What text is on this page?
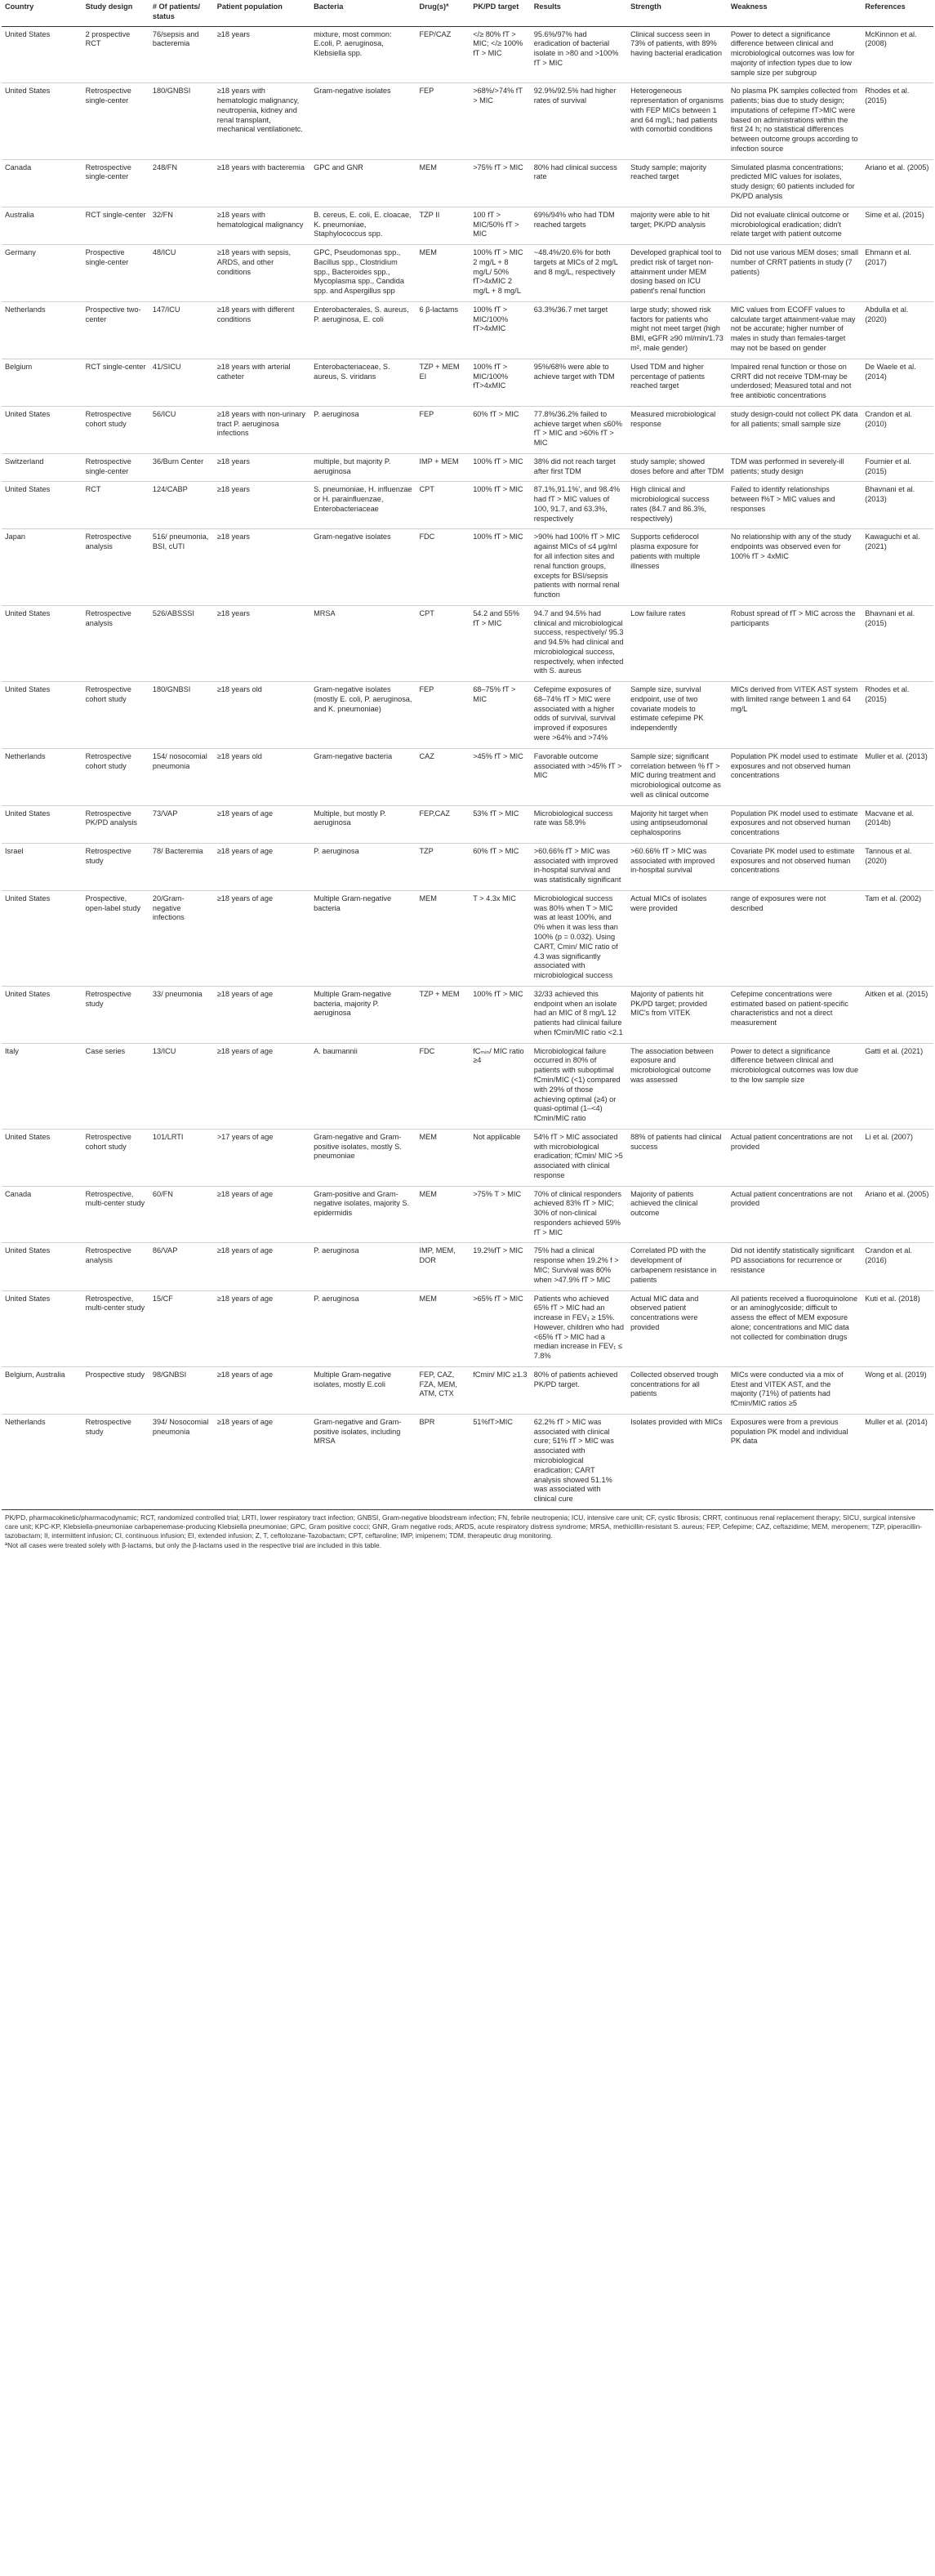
Country	Study design	# Of patients/ status	Patient population	Bacteria	Drug(s)ª	PK/PD target	Results	Strength	Weakness	References
United States	2 prospective RCT	76/sepsis and bacteremia	≥18 years	mixture, most common: E.coli, P. aeruginosa, Klebsiella spp.	FEP/CAZ	</≥ 80% fT > MIC; </≥ 100% fT > MIC	95.6%/97% had eradication of bacterial isolate in >80 and >100% fT > MIC	Clinical success seen in 73% of patients, with 89% having bacterial eradication	Power to detect a significance difference between clinical and microbiological outcomes was low for majority of infection types due to low sample size per subgroup	McKinnon et al. (2008)
United States	Retrospective single-center	180/GNBSI	≥18 years with hematologic malignancy, neutropenia, kidney and renal transplant, mechanical ventilationetc.	Gram-negative isolates	FEP	>68%/>74% fT > MIC	92.9%/92.5% had higher rates of survival	Heterogeneous representation of organisms with FEP MICs between 1 and 64 mg/L; had patients with comorbid conditions	No plasma PK samples collected from patients; bias due to study design; imputations of cefepime fT>MIC were based on administrations within the first 24 h; no statistical differences between outcome groups according to infection source	Rhodes et al. (2015)
Canada	Retrospective single-center	248/FN	≥18 years with bacteremia	GPC and GNR	MEM	>75% fT > MIC	80% had clinical success rate	Study sample; majority reached target	Simulated plasma concentrations; predicted MIC values for isolates, study design; 60 patients included for PK/PD analysis	Ariano et al. (2005)
Australia	RCT single-center	32/FN	≥18 years with hematological malignancy	B. cereus, E. coli, E. cloacae, K. pneumoniae, Staphylococcus spp.	TZP II	100 fT > MIC/50% fT > MIC	69%/94% who had TDM reached targets	majority were able to hit target; PK/PD analysis	Did not evaluate clinical outcome or microbiological eradication; didn't relate target with patient outcome	Sime et al. (2015)
Germany	Prospective single-center	48/ICU	≥18 years with sepsis, ARDS, and other conditions	GPC, Pseudomonas spp., Bacillus spp., Clostridium spp., Bacteroides spp., Mycoplasma spp., Candida spp. and Aspergillus spp	MEM	100% fT > MIC 2 mg/L + 8 mg/L/ 50% fT>4xMIC 2 mg/L + 8 mg/L	~48.4%/20.6% for both targets at MICs of 2 mg/L and 8 mg/L, respectively	Developed graphical tool to predict risk of target non-attainment under MEM dosing based on ICU patient's renal function	Did not use various MEM doses; small number of CRRT patients in study (7 patients)	Ehmann et al. (2017)
Netherlands	Prospective two-center	147/ICU	≥18 years with different conditions	Enterobacterales, S. aureus, P. aeruginosa, E. coli	6 β-lactams	100% fT > MIC/100% fT>4xMIC	63.3%/36.7 met target	large study; showed risk factors for patients who might not meet target (high BMI, eGFR ≥90 ml/min/1.73 m², male gender)	MIC values from ECOFF values to calculate target attainment-value may not be accurate; higher number of males in study than females-target may not be based on gender	Abdulla et al. (2020)
Belgium	RCT single-center	41/SICU	≥18 years with arterial catheter	Enterobacteriaceae, S. aureus, S. viridans	TZP + MEM EI	100% fT > MIC/100% fT>4xMIC	95%/68% were able to achieve target with TDM	Used TDM and higher percentage of patients reached target	Impaired renal function or those on CRRT did not receive TDM-may be underdosed; Measured total and not free antibiotic concentrations	De Waele et al. (2014)
United States	Retrospective cohort study	56/ICU	≥18 years with non-urinary tract P. aeruginosa infections	P. aeruginosa	FEP	60% fT > MIC	77.8%/36.2% failed to achieve target when ≤60% fT > MIC and >60% fT > MIC	Measured microbiological response	study design-could not collect PK data for all patients; small sample size	Crandon et al. (2010)
Switzerland	Retrospective single-center	36/Burn Center	≥18 years	multiple, but majority P. aeruginosa	IMP + MEM	100% fT > MIC	38% did not reach target after first TDM	study sample; showed doses before and after TDM	TDM was performed in severely-ill patients; study design	Fournier et al. (2015)
United States	RCT	124/CABP	≥18 years	S. pneumoniae, H. influenzae or H. parainfluenzae, Enterobacteriaceae	CPT	100% fT > MIC	87.1%,91.1%', and 98.4% had fT > MIC values of 100, 91.7, and 63.3%, respectively	High clinical and microbiological success rates (84.7 and 86.3%, respectively)	Failed to identify relationships between f%T > MIC values and responses	Bhavnani et al. (2013)
Japan	Retrospective analysis	516/ pneumonia, BSI, cUTI	≥18 years	Gram-negative isolates	FDC	100% fT > MIC	>90% had 100% fT > MIC against MICs of ≤4 μg/ml for all infection sites and renal function groups, excepts for BSI/sepsis patients with normal renal function	Supports cefiderocol plasma exposure for patients with multiple illnesses	No relationship with any of the study endpoints was observed even for 100% fT > 4xMIC	Kawaguchi et al. (2021)
United States	Retrospective analysis	526/ABSSSI	≥18 years	MRSA	CPT	54.2 and 55% fT > MIC	94.7 and 94.5% had clinical and microbiological success, respectively/ 95.3 and 94.5% had clinical and microbiological success, respectively, when infected with S. aureus	Low failure rates	Robust spread of fT > MIC across the participants	Bhavnani et al. (2015)
United States	Retrospective cohort study	180/GNBSI	≥18 years old	Gram-negative isolates (mostly E. coli, P. aeruginosa, and K. pneumoniae)	FEP	68–75% fT > MIC	Cefepime exposures of 68–74% fT > MIC were associated with a higher odds of survival, survival improved if exposures were >64% and >74%	Sample size, survival endpoint, use of two covariate models to estimate cefepime PK independently	MICs derived from VITEK AST system with limited range between 1 and 64 mg/L	Rhodes et al. (2015)
Netherlands	Retrospective cohort study	154/ nosocomial pneumonia	≥18 years old	Gram-negative bacteria	CAZ	>45% fT > MIC	Favorable outcome associated with >45% fT > MIC	Sample size; significant correlation between % fT > MIC during treatment and microbiological outcome as well as clinical outcome	Population PK model used to estimate exposures and not observed human concentrations	Muller et al. (2013)
United States	Retrospective PK/PD analysis	73/VAP	≥18 years of age	Multiple, but mostly P. aeruginosa	FEP,CAZ	53% fT > MIC	Microbiological success rate was 58.9%	Majority hit target when using antipseudomonal cephalosporins	Population PK model used to estimate exposures and not observed human concentrations	Macvane et al. (2014b)
Israel	Retrospective study	78/ Bacteremia	≥18 years of age	P. aeruginosa	TZP	60% fT > MIC	>60.66% fT > MIC was associated with improved in-hospital survival and was statistically significant	>60.66% fT > MIC was associated with improved in-hospital survival	Covariate PK model used to estimate exposures and not observed human concentrations	Tannous et al. (2020)
United States	Prospective, open-label study	20/Gram-negative infections	≥18 years of age	Multiple Gram-negative bacteria	MEM	T > 4.3x MIC	Microbiological success was 80% when T > MIC was at least 100%, and 0% when it was less than 100% (p = 0.032). Using CART, Cmin/ MIC ratio of 4.3 was significantly associated with microbiological success	Actual MICs of isolates were provided	range of exposures were not described	Tam et al. (2002)
United States	Retrospective study	33/ pneumonia	≥18 years of age	Multiple Gram-negative bacteria, majority P. aeruginosa	TZP + MEM	100% fT > MIC	32/33 achieved this endpoint when an isolate had an MIC of 8 mg/L 12 patients had clinical failure when fCmin/MIC ratio <2.1	Majority of patients hit PK/PD target; provided MIC's from VITEK	Cefepime concentrations were estimated based on patient-specific characteristics and not a direct measurement	Aitken et al. (2015)
Italy	Case series	13/ICU	≥18 years of age	A. baumannii	FDC	fCₘᵢₙ/ MIC ratio ≥4	Microbiological failure occurred in 80% of patients with suboptimal fCmin/MIC (<1) compared with 29% of those achieving optimal (≥4) or quasi-optimal (1–<4) fCmin/MIC ratio	The association between exposure and microbiological outcome was assessed	Power to detect a significance difference between clinical and microbiological outcomes was low due to the low sample size	Gatti et al. (2021)
United States	Retrospective cohort study	101/LRTI	>17 years of age	Gram-negative and Gram-positive isolates, mostly S. pneumoniae	MEM	Not applicable	54% fT > MIC associated with microbiological eradication; fCmin/ MIC >5 associated with clinical response	88% of patients had clinical success	Actual patient concentrations are not provided	Li et al. (2007)
Canada	Retrospective, multi-center study	60/FN	≥18 years of age	Gram-positive and Gram-negative isolates, majority S. epidermidis	MEM	>75% T > MIC	70% of clinical responders achieved 83% fT > MIC; 30% of non-clinical responders achieved 59% fT > MIC	Majority of patients achieved the clinical outcome	Actual patient concentrations are not provided	Ariano et al. (2005)
United States	Retrospective analysis	86/VAP	≥18 years of age	P. aeruginosa	IMP, MEM, DOR	19.2%fT > MIC	75% had a clinical response when 19.2% f > MIC; Survival was 80% when >47.9% fT > MIC	Correlated PD with the development of carbapenem resistance in patients	Did not identify statistically significant PD associations for recurrence or resistance	Crandon et al. (2016)
United States	Retrospective, multi-center study	15/CF	≥18 years of age	P. aeruginosa	MEM	>65% fT > MIC	Patients who achieved 65% fT > MIC had an increase in FEV₁ ≥ 15%. However, children who had <65% fT > MIC had a median increase in FEV₁ ≤ 7.8%	Actual MIC data and observed patient concentrations were provided	All patients received a fluoroquinolone or an aminoglycoside; difficult to assess the effect of MEM exposure alone; concentrations and MIC data not collected for combination drugs	Kuti et al. (2018)
Belgium, Australia	Prospective study	98/GNBSI	≥18 years of age	Multiple Gram-negative isolates, mostly E.coli	FEP, CAZ, FZA, MEM, ATM, CTX	fCmin/ MIC ≥1.3	80% of patients achieved PK/PD target.	Collected observed trough concentrations for all patients	MICs were conducted via a mix of Etest and VITEK AST, and the majority (71%) of patients had fCmin/MIC ratios ≥5	Wong et al. (2019)
Netherlands	Retrospective study	394/ Nosocomial pneumonia	≥18 years of age	Gram-negative and Gram-positive isolates, including MRSA	BPR	51%fT>MIC	62.2% fT > MIC was associated with clinical cure; 51% fT > MIC was associated with microbiological eradication; CART analysis showed 51.1% was associated with clinical cure	Isolates provided with MICs	Exposures were from a previous population PK model and individual PK data	Muller et al. (2014)

PK/PD, pharmacokinetic/pharmacodynamic; RCT, randomized controlled trial; LRTI, lower respiratory tract infection; GNBSI, Gram-negative bloodstream infection; FN, febrile neutropenia; ICU, intensive care unit; CF, cystic fibrosis; CRRT, continuous renal replacement therapy; SICU, surgical intensive care unit; KPC-KP, Klebsiella-pneumoniae carbapenemase-producing Klebsiella pneumoniae; GPC, Gram positive cocci; GNR, Gram negative rods; ARDS, acute respiratory distress syndrome; MRSA, methicillin-resistant S. aureus; FEP, Cefepime; CAZ, ceftazidime; MEM, meropenem; TZP, piperacillin-tazobactam; II, intermittent infusion; CI, continuous infusion; EI, extended infusion; Z, T, ceftolozane-Tazobactam; CPT, ceftaroline; IMP, imipenem; TDM, therapeutic drug monitoring.

ªNot all cases were treated solely with β-lactams, but only the β-lactams used in the respective trial are included in this table.
